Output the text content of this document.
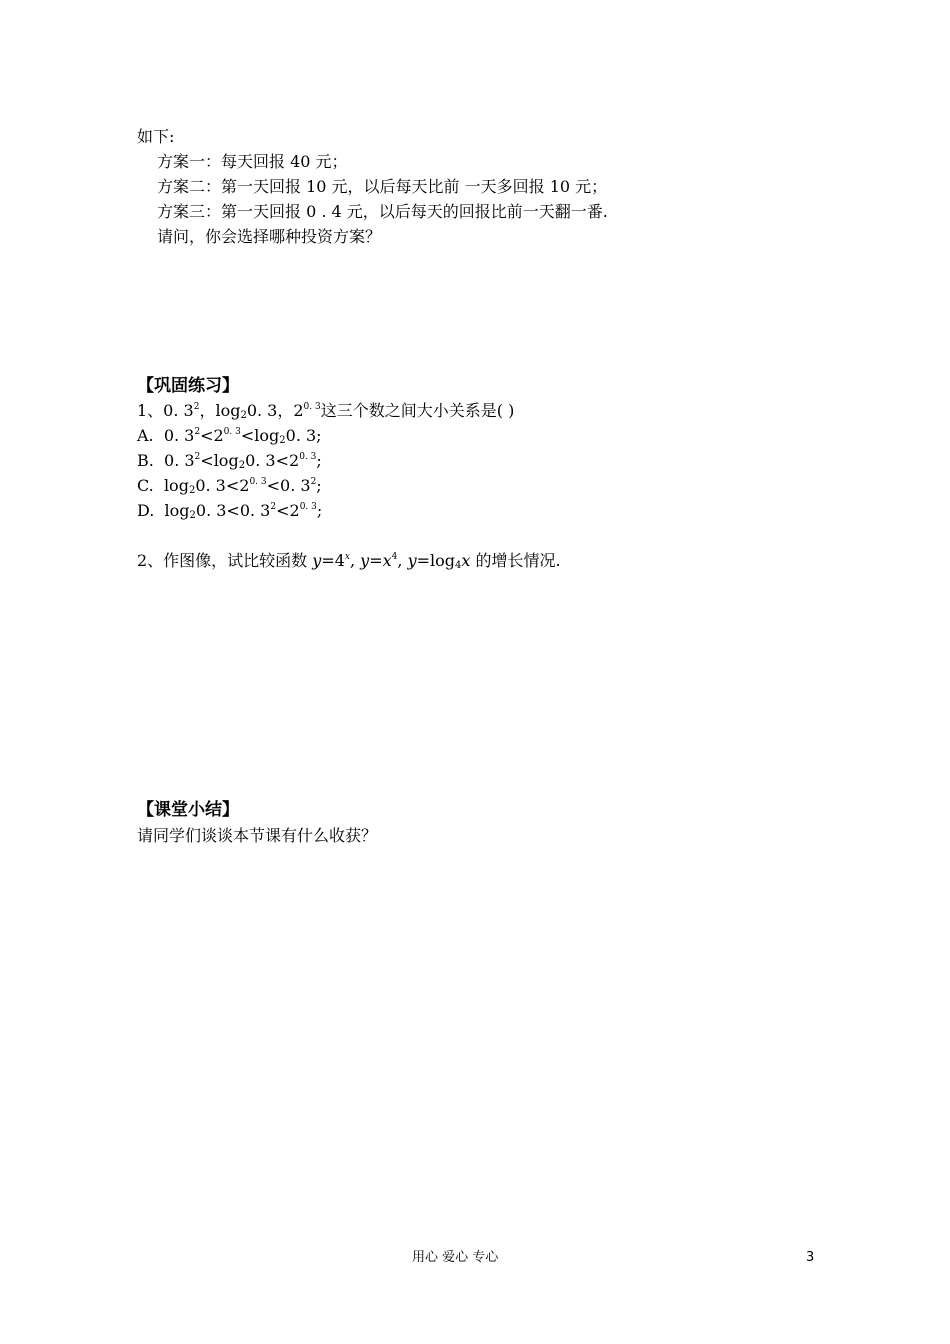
如下:
方案一：每天回报 40 元；
方案二：第一天回报 10 元，以后每天比前 一天多回报 10 元；
方案三：第一天回报 0 . 4 元，以后每天的回报比前一天翻一番.
请问，你会选择哪种投资方案？
【巩固练习】
1、0. $3^2$，$\log_20$. 3，$2^{0. 3}$这三个数之间大小关系是( )
A. 0. $3^2<2^{0. 3}<\log_20$. 3;
B. 0. $3^2<\log_20$. $3<2^{0. 3}$;
C. $\log_20$. $3<2^{0. 3}<0$. $3^2$;
D. $\log_20$. 3<0. $3^2<2^{0. 3}$;
2、作图像，试比较函数 $y=4^x$, $y=x^4$, $y=\log_4x$ 的增长情况.
【课堂小结】
请同学们谈谈本节课有什么收获？
用心 爱心 专心	3
